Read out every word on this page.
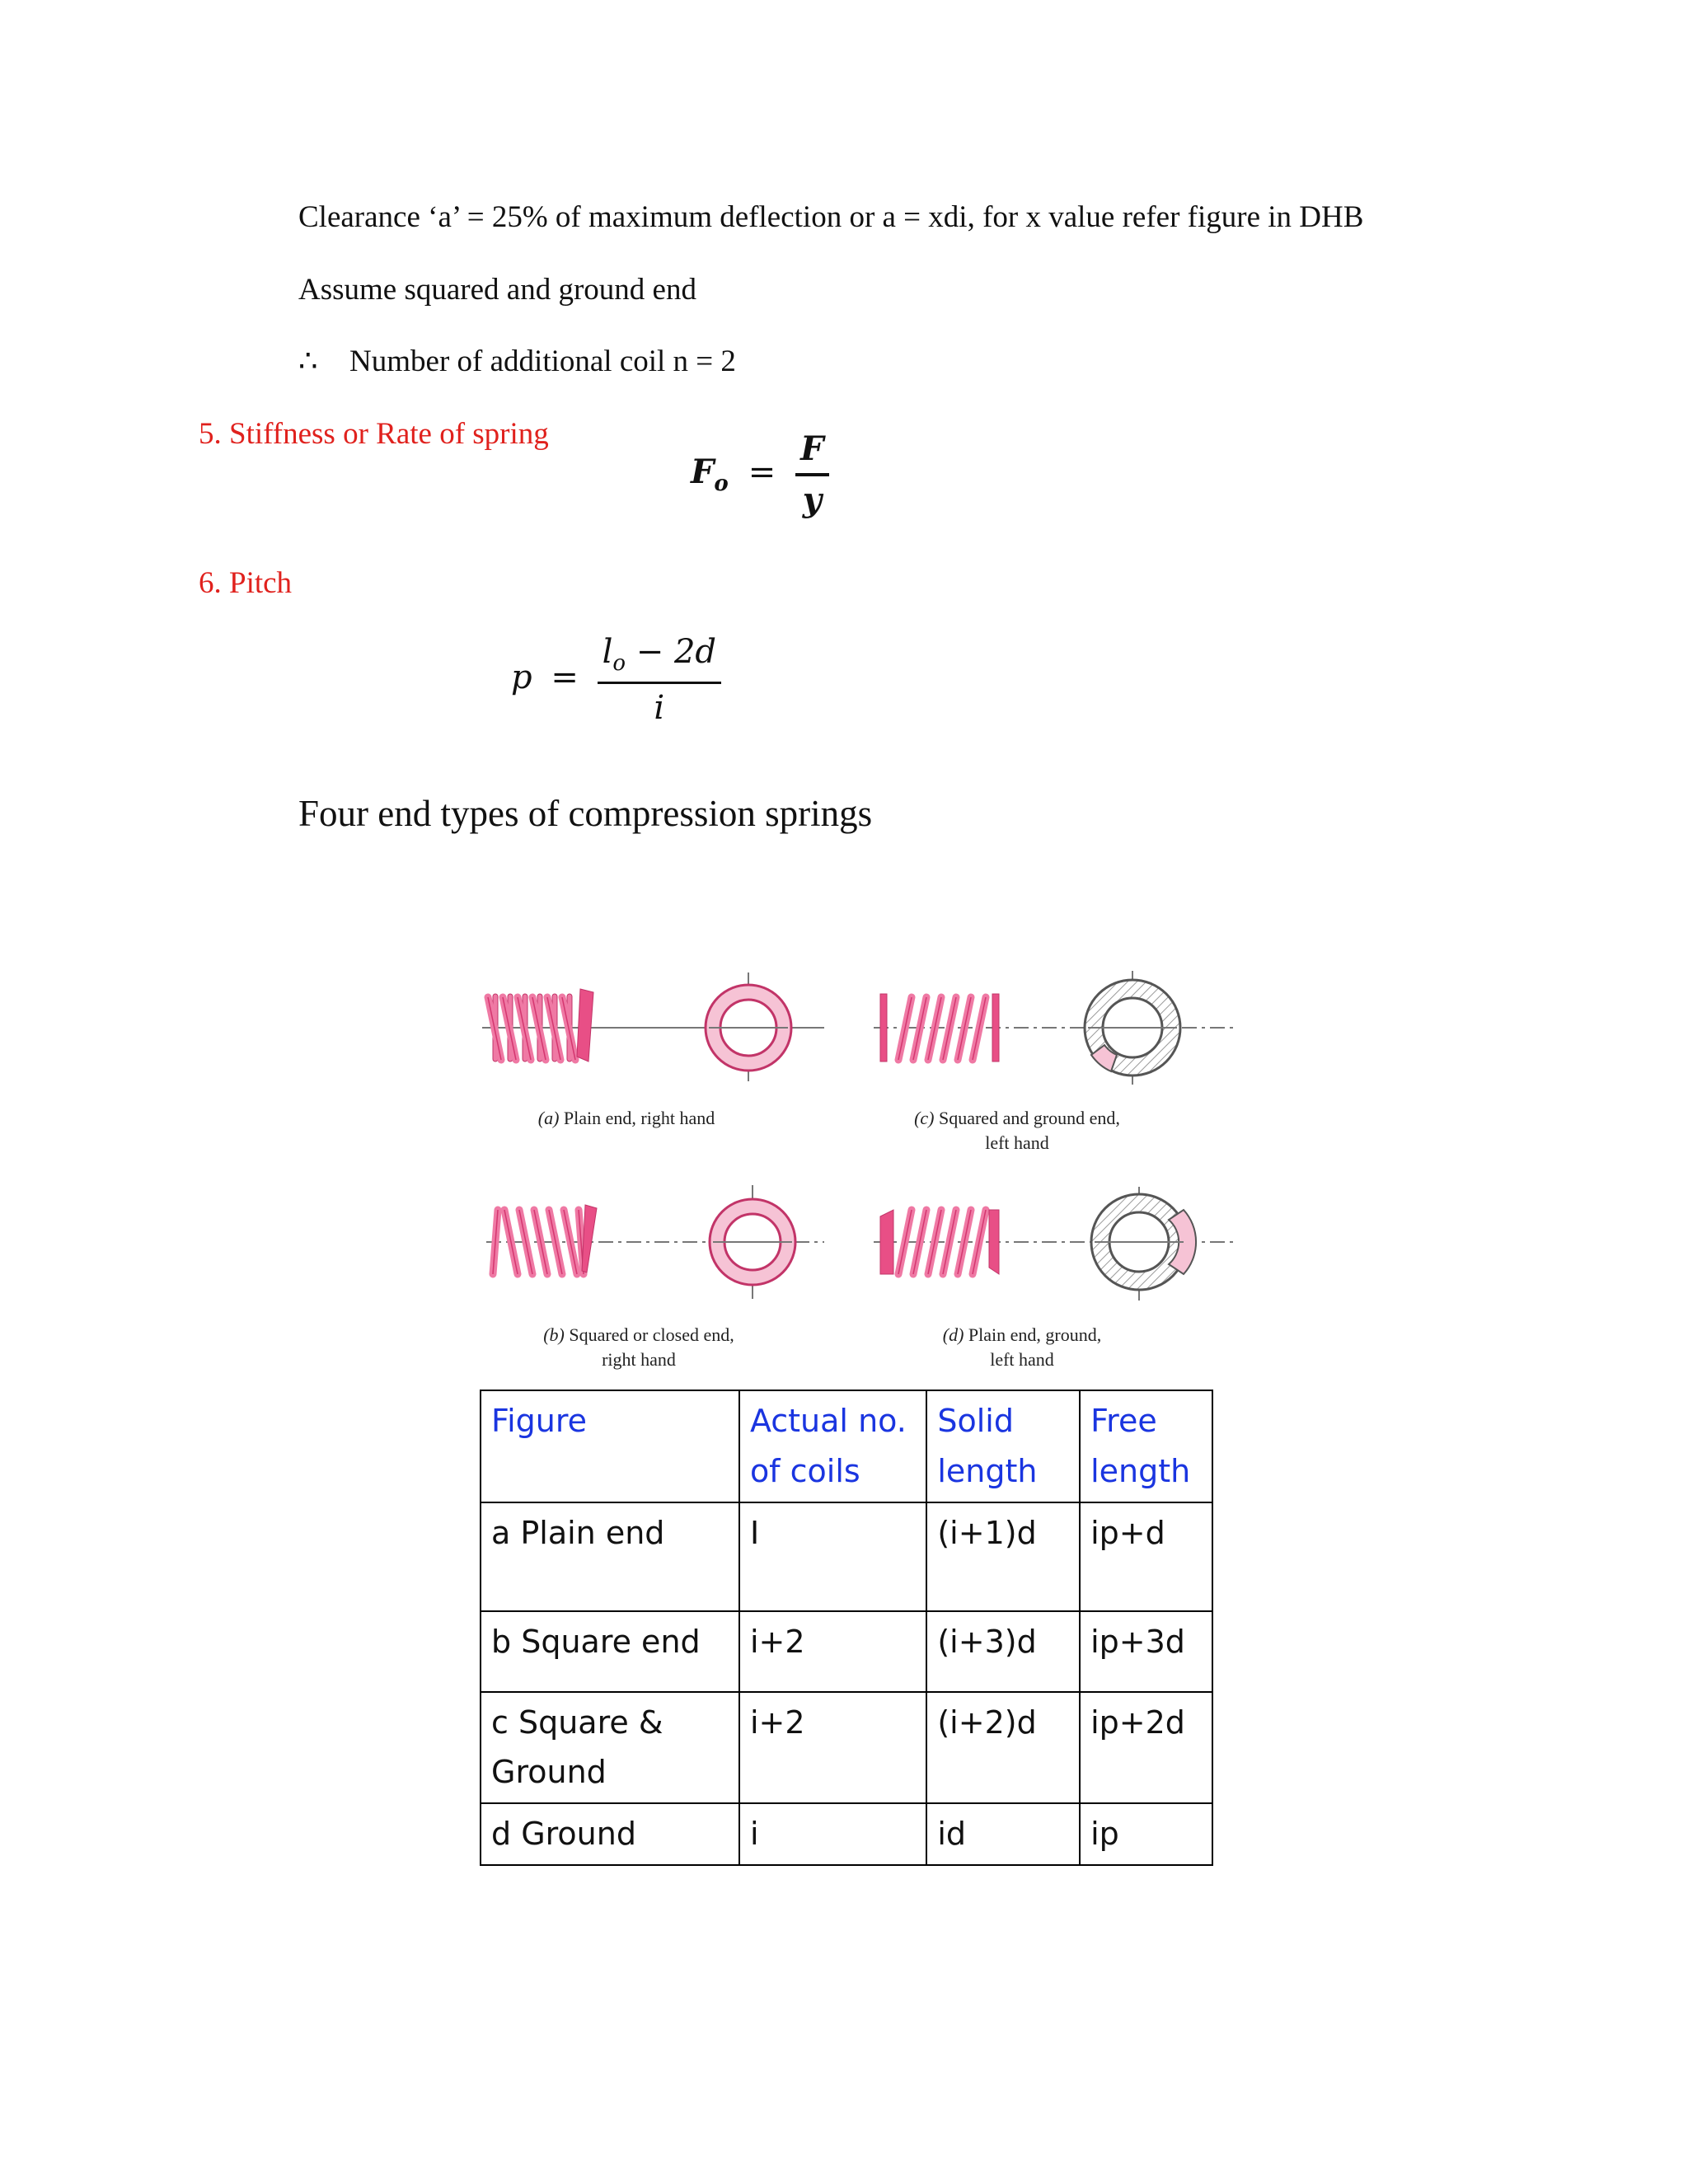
Clearance ‘a’ = 25% of maximum deflection or a = xdi, for x value refer figure in DHB
Assume squared and ground end
∴ Number of additional coil n = 2
5. Stiffness or Rate of spring
$F_o = \frac{F}{y}$
6. Pitch
$p = \frac{l_o - 2d}{i}$
Four end types of compression springs
(a) Plain end, right hand	(c) Squared and ground end,
left hand
(b) Squared or closed end,
right hand
(d) Plain end, ground,
left hand
Figure	Actual no. of coils	Solid length	Free length
a Plain end	I	(i+1)d	ip+d
b Square end	i+2	(i+3)d	ip+3d
c Square & Ground	i+2	(i+2)d	ip+2d
d Ground	i	id	ip
